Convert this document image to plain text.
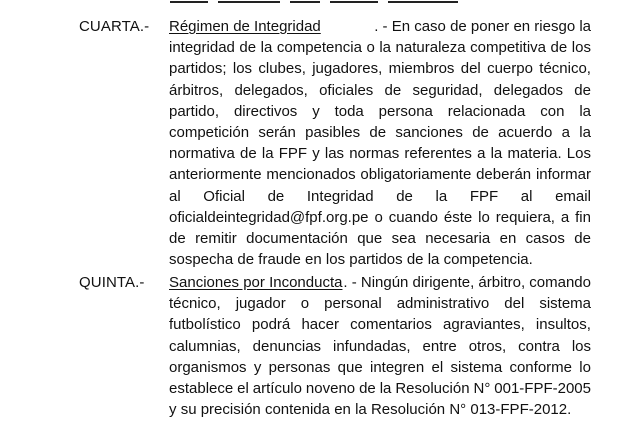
CUARTA.- Régimen de Integridad	. - En caso de poner en riesgo la
integridad de la competencia o la naturaleza competitiva de los
partidos; los clubes, jugadores, miembros del cuerpo técnico,
árbitros, delegados, oficiales de seguridad, delegados de
partido, directivos y toda persona relacionada con la
competición serán pasibles de sanciones de acuerdo a la
normativa de la FPF y las normas referentes a la materia. Los
anteriormente mencionados obligatoriamente deberán informar
al Oficial de Integridad de la FPF al email
oficialdeintegridad@fpf.org.pe o cuando éste lo requiera, a fin
de remitir documentación que sea necesaria en casos de
sospecha de fraude en los partidos de la competencia.
QUINTA.- Sanciones por Inconducta . - Ningún dirigente, árbitro, comando
técnico, jugador o personal administrativo del sistema
futbolístico podrá hacer comentarios agraviantes, insultos,
calumnias, denuncias infundadas, entre otros, contra los
organismos y personas que integren el sistema conforme lo
establece el artículo noveno de la Resolución N° 001-FPF-2005
y su precisión contenida en la Resolución N° 013-FPF-2012.
